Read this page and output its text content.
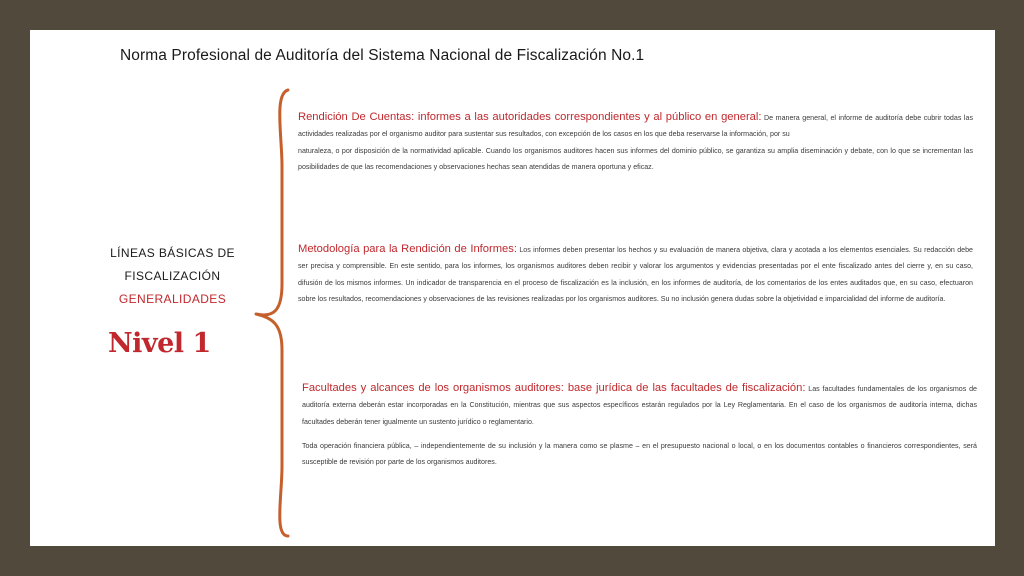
Norma Profesional de Auditoría del Sistema Nacional de Fiscalización No.1
LÍNEAS BÁSICAS DE
FISCALIZACIÓN
GENERALIDADES
Nivel 1
Rendición De Cuentas: informes a las autoridades correspondientes y al público en general: De manera general, el informe de auditoría debe cubrir todas las actividades realizadas por el organismo auditor para sustentar sus resultados, con excepción de los casos en los que deba reservarse la información, por su
naturaleza, o por disposición de la normatividad aplicable. Cuando los organismos auditores hacen sus informes del dominio público, se garantiza su amplia diseminación y debate, con lo que se incrementan las posibilidades de que las recomendaciones y observaciones hechas sean atendidas de manera oportuna y eficaz.
Metodología para la Rendición de Informes: Los informes deben presentar los hechos y su evaluación de manera objetiva, clara y acotada a los elementos esenciales. Su redacción debe ser precisa y comprensible. En este sentido, para los informes, los organismos auditores deben recibir y valorar los argumentos y evidencias presentadas por el ente fiscalizado antes del cierre y, en su caso, difusión de los mismos informes. Un indicador de transparencia en el proceso de fiscalización es la inclusión, en los informes de auditoría, de los comentarios de los entes auditados que, en su caso, efectuaron sobre los resultados, recomendaciones y observaciones de las revisiones realizadas por los organismos auditores. Su no inclusión genera dudas sobre la objetividad e imparcialidad del informe de auditoría.
Facultades y alcances de los organismos auditores: base jurídica de las facultades de fiscalización: Las facultades fundamentales de los organismos de auditoría externa deberán estar incorporadas en la Constitución, mientras que sus aspectos específicos estarán regulados por la Ley Reglamentaria. En el caso de los organismos de auditoría interna, dichas facultades deberán tener igualmente un sustento jurídico o reglamentario.
Toda operación financiera pública, – independientemente de su inclusión y la manera como se plasme – en el presupuesto nacional o local, o en los documentos contables o financieros correspondientes, será susceptible de revisión por parte de los organismos auditores.
